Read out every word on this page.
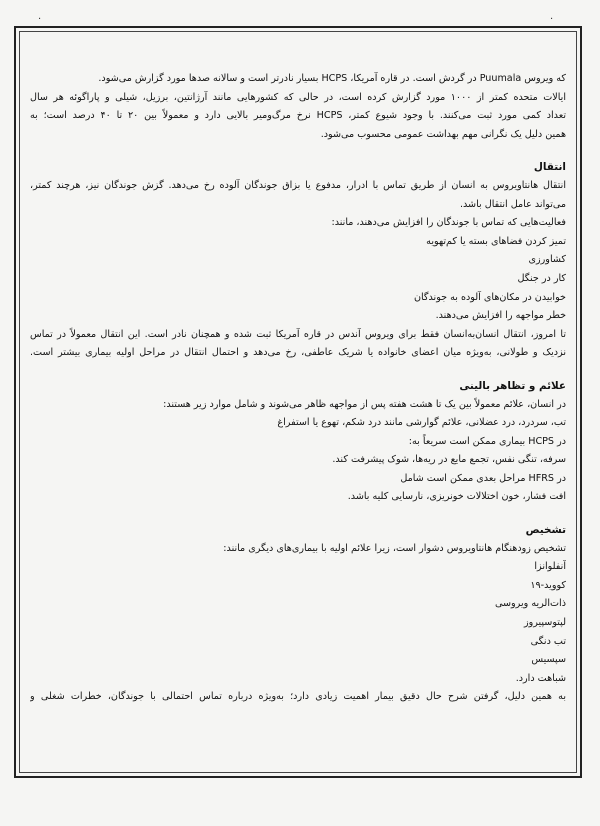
·	·
که ویروس Puumala در گردش است. در قاره آمریکا، HCPS بسیار نادرتر است و سالانه صدها مورد گزارش می‌شود.
ایالات متحده کمتر از ۱۰۰۰ مورد گزارش کرده است، در حالی که کشورهایی مانند آرژانتین، برزیل، شیلی و پاراگوئه هر سال
تعداد کمی مورد ثبت می‌کنند. با وجود شیوع کمتر، HCPS نرخ مرگ‌ومیر بالایی دارد و معمولاً بین ۲۰ تا ۴۰ درصد است؛ به
همین دلیل یک نگرانی مهم بهداشت عمومی محسوب می‌شود.
انتقال
انتقال هانتاویروس به انسان از طریق تماس با ادرار، مدفوع یا بزاق جوندگان آلوده رخ می‌دهد. گزش جوندگان نیز، هرچند کمتر،
می‌تواند عامل انتقال باشد.
فعالیت‌هایی که تماس با جوندگان را افزایش می‌دهند، مانند:
تمیز کردن فضاهای بسته یا کم‌تهویه
کشاورزی
کار در جنگل
خوابیدن در مکان‌های آلوده به جوندگان
خطر مواجهه را افزایش می‌دهند.
تا امروز، انتقال انسان‌به‌انسان فقط برای ویروس آندس در قاره آمریکا ثبت شده و همچنان نادر است. این انتقال معمولاً در تماس
نزدیک و طولانی، به‌ویژه میان اعضای خانواده یا شریک عاطفی، رخ می‌دهد و احتمال انتقال در مراحل اولیه بیماری بیشتر است.
علائم و تظاهر بالینی
در انسان، علائم معمولاً بین یک تا هشت هفته پس از مواجهه ظاهر می‌شوند و شامل موارد زیر هستند:
تب، سردرد، درد عضلانی، علائم گوارشی مانند درد شکم، تهوع یا استفراغ
در HCPS بیماری ممکن است سریعاً به:
سرفه، تنگی نفس، تجمع مایع در ریه‌ها، شوک پیشرفت کند.
در HFRS مراحل بعدی ممکن است شامل
افت فشار، خون اختلالات خونریزی، نارسایی کلیه باشد.
تشخیص
تشخیص زودهنگام هانتاویروس دشوار است، زیرا علائم اولیه با بیماری‌های دیگری مانند:
آنفلوانزا
کووید-۱۹
ذات‌الریه ویروسی
لپتوسپیروز
تب دنگی
سپسیس
شباهت دارد.
به همین دلیل، گرفتن شرح حال دقیق بیمار اهمیت زیادی دارد؛ به‌ویژه درباره تماس احتمالی با جوندگان، خطرات شغلی و
